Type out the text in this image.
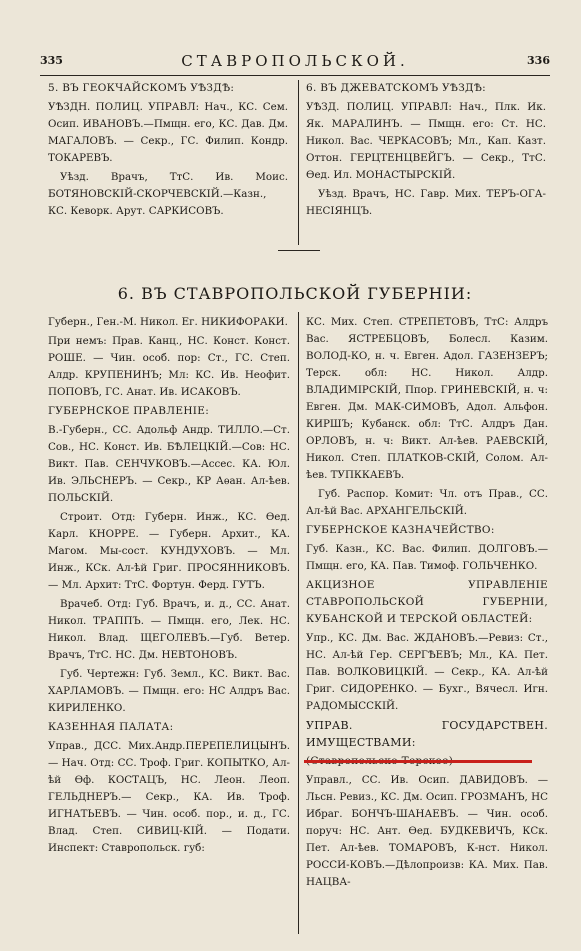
335	СТАВРОПОЛЬСКОЙ.	336

5. ВЪ ГЕОКЧАЙСКОМЪ УѢЗДѢ:

УѢЗДН. ПОЛИЦ. УПРАВЛ: Нач., КС. Сем. Осип. ИВАНОВЪ.—Пмщн. его, КС. Дав. Дм. МАГАЛОВЪ. — Секр., ГС. Филип. Кондр. ТОКАРЕВЪ.

Уѣзд. Врачъ, ТтС. Ив. Моис. БОТЯНОВСКІЙ-СКОРЧЕВСКІЙ.—Казн., КС. Кеворк. Арут. САРКИСОВЪ.

6. ВЪ ДЖЕВАТСКОМЪ УѢЗДѢ:

УѢЗД. ПОЛИЦ. УПРАВЛ: Нач., Плк. Ик. Як. МАРАЛИНЪ. — Пмщн. его: Ст. НС. Никол. Вас. ЧЕРКАСОВЪ; Мл., Кап. Казт. Оттон. ГЕРЦТЕНЦВЕЙГЪ. — Секр., ТтС. Ѳед. Ил. МОНАСТЫРСКІЙ.

Уѣзд. Врачъ, НС. Гавр. Мих. ТЕРЪ-ОГА-НЕСІЯНЦЪ.

6. ВЪ СТАВРОПОЛЬСКОЙ ГУБЕРНІИ:

Губерн., Ген.-М. Никол. Ег. НИКИФОРАКИ.

При немъ: Прав. Канц., НС. Конст. Конст. РОШЕ. — Чин. особ. пор: Ст., ГС. Степ. Алдр. КРУПЕНИНЪ; Мл: КС. Ив. Неофит. ПОПОВЪ, ГС. Анат. Ив. ИСАКОВЪ.

ГУБЕРНСКОЕ ПРАВЛЕНІЕ:

В.-Губерн., СС. Адольф Андр. ТИЛЛО.—Ст. Сов., НС. Конст. Ив. БѢЛЕЦКІЙ.—Сов: НС. Викт. Пав. СЕНЧУКОВЪ.—Ассес. КА. Юл. Ив. ЭЛЬСНЕРЪ. — Секр., КР Аѳан. Ал-ѣев. ПОЛЬСКІЙ.

Строит. Отд: Губерн. Инж., КС. Ѳед. Карл. КНОРРЕ. — Губерн. Архит., КА. Магом. Мы-сост. КУНДУХОВЪ. — Мл. Инж., КСк. Ал-ѣй Григ. ПРОСЯННИКОВЪ. — Мл. Архит: ТтС. Фортун. Ферд. ГУТЪ.

Врачеб. Отд: Губ. Врачъ, и. д., СС. Анат. Никол. ТРАППЪ. — Пмщн. его, Лек. НС. Никол. Влад. ЩЕГОЛЕВЪ.—Губ. Ветер. Врачъ, ТтС. НС. Дм. НЕВТОНОВЪ.

Губ. Чертежн: Губ. Земл., КС. Викт. Вас. ХАРЛАМОВЪ. — Пмщн. его: НС Алдръ Вас. КИРИЛЕНКО.

КАЗЕННАЯ ПАЛАТА:

Управ., ДСС. Мих.Андр.ПЕРЕПЕЛИЦЫНЪ.— Нач. Отд: СС. Троф. Григ. КОПЫТКО, Ал-ѣй Ѳф. КОСТАЦЪ, НС. Леон. Леоп. ГЕЛЬДНЕРЪ.— Секр., КА. Ив. Троф. ИГНАТЬЕВЪ. — Чин. особ. пор., и. д., ГС. Влад. Степ. СИВИЦ-КІЙ. — Подати. Инспект: Ставропольск. губ:

КС. Мих. Степ. СТРЕПЕТОВЪ, ТтС: Алдръ Вас. ЯСТРЕБЦОВЪ, Болесл. Казим. ВОЛОД-КО, н. ч. Евген. Адол. ГАЗЕНЗЕРЪ; Терск. обл: НС. Никол. Алдр. ВЛАДИМІРСКІЙ, Ппор. ГРИНЕВСКІЙ, н. ч: Евген. Дм. МАК-СИМОВЪ, Адол. Альфон. КИРШЪ; Кубанск. обл: ТтС. Алдръ Дан. ОРЛОВЪ, н. ч: Викт. Ал-ѣев. РАЕВСКІЙ, Никол. Степ. ПЛАТКОВ-СКІЙ, Солом. Ал-ѣев. ТУПККАЕВЪ.

Губ. Распор. Комит: Чл. отъ Прав., СС. Ал-ѣй Вас. АРХАНГЕЛЬСКІЙ.

ГУБЕРНСКОЕ КАЗНАЧЕЙСТВО:

Губ. Казн., КС. Вас. Филип. ДОЛГОВЪ.— Пмщн. его, КА. Пав. Тимоф. ГОЛЬЧЕНКО.

АКЦИЗНОЕ УПРАВЛЕНІЕ СТАВРОПОЛЬСКОЙ ГУБЕРНІИ, КУБАНСКОЙ И ТЕРСКОЙ ОБЛАСТЕЙ:

Упр., КС. Дм. Вас. ЖДАНОВЪ.—Ревиз: Ст., НС. Ал-ѣй Гер. СЕРГѢЕВЪ; Мл., КА. Пет. Пав. ВОЛКОВИЦКІЙ. — Секр., КА. Ал-ѣй Григ. СИДОРЕНКО. — Бухг., Вячесл. Игн. РАДОМЫССКІЙ.

УПРАВ. ГОСУДАРСТВЕН. ИМУЩЕСТВАМИ:

Управл., СС. Ив. Осип. ДАВИДОВЪ. — Льсн. Ревиз., КС. Дм. Осип. ГРОЗМАНЪ, НС Ибраг. БОНЧЪ-ШАНАЕВЪ. — Чин. особ. поруч: НС. Ант. Ѳед. БУДКЕВИЧЪ, КСк. Пет. Ал-ѣев. ТОМАРОВЪ, К-нст. Никол. РОССИ-КОВЪ.—Дѣлопроизв: КА. Мих. Пав. НАЦВА-
